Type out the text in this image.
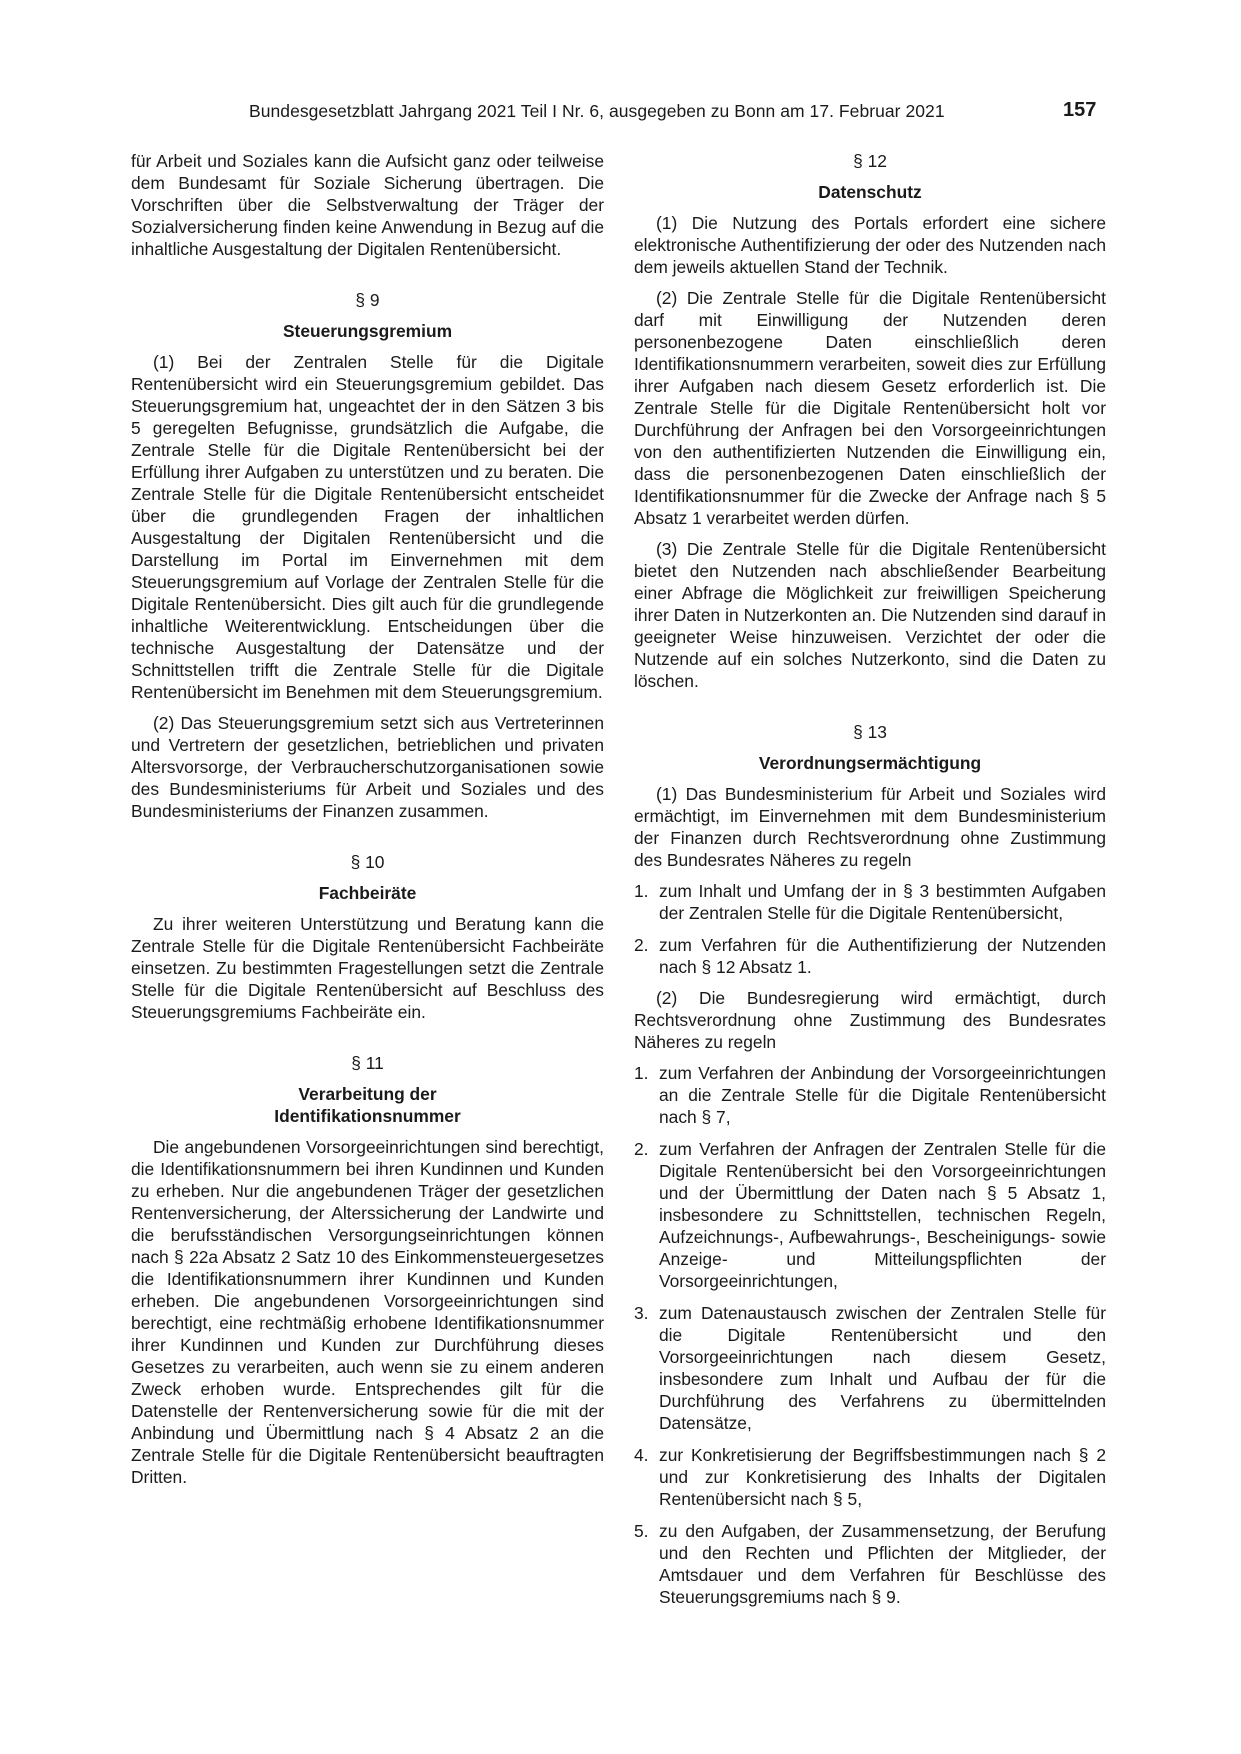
Bundesgesetzblatt Jahrgang 2021 Teil I Nr. 6, ausgegeben zu Bonn am 17. Februar 2021	157

für Arbeit und Soziales kann die Aufsicht ganz oder teilweise dem Bundesamt für Soziale Sicherung übertragen. Die Vorschriften über die Selbstverwaltung der Träger der Sozialversicherung finden keine Anwendung in Bezug auf die inhaltliche Ausgestaltung der Digitalen Rentenübersicht.

§ 9

Steuerungsgremium

(1) Bei der Zentralen Stelle für die Digitale Rentenübersicht wird ein Steuerungsgremium gebildet. Das Steuerungsgremium hat, ungeachtet der in den Sätzen 3 bis 5 geregelten Befugnisse, grundsätzlich die Aufgabe, die Zentrale Stelle für die Digitale Rentenübersicht bei der Erfüllung ihrer Aufgaben zu unterstützen und zu beraten. Die Zentrale Stelle für die Digitale Rentenübersicht entscheidet über die grundlegenden Fragen der inhaltlichen Ausgestaltung der Digitalen Rentenübersicht und die Darstellung im Portal im Einvernehmen mit dem Steuerungsgremium auf Vorlage der Zentralen Stelle für die Digitale Rentenübersicht. Dies gilt auch für die grundlegende inhaltliche Weiterentwicklung. Entscheidungen über die technische Ausgestaltung der Datensätze und der Schnittstellen trifft die Zentrale Stelle für die Digitale Rentenübersicht im Benehmen mit dem Steuerungsgremium.

(2) Das Steuerungsgremium setzt sich aus Vertreterinnen und Vertretern der gesetzlichen, betrieblichen und privaten Altersvorsorge, der Verbraucherschutzorganisationen sowie des Bundesministeriums für Arbeit und Soziales und des Bundesministeriums der Finanzen zusammen.

§ 10

Fachbeiräte

Zu ihrer weiteren Unterstützung und Beratung kann die Zentrale Stelle für die Digitale Rentenübersicht Fachbeiräte einsetzen. Zu bestimmten Fragestellungen setzt die Zentrale Stelle für die Digitale Rentenübersicht auf Beschluss des Steuerungsgremiums Fachbeiräte ein.

§ 11

Verarbeitung der

Identifikationsnummer

Die angebundenen Vorsorgeeinrichtungen sind berechtigt, die Identifikationsnummern bei ihren Kundinnen und Kunden zu erheben. Nur die angebundenen Träger der gesetzlichen Rentenversicherung, der Alterssicherung der Landwirte und die berufsständischen Versorgungseinrichtungen können nach § 22a Absatz 2 Satz 10 des Einkommensteuergesetzes die Identifikationsnummern ihrer Kundinnen und Kunden erheben. Die angebundenen Vorsorgeeinrichtungen sind berechtigt, eine rechtmäßig erhobene Identifikationsnummer ihrer Kundinnen und Kunden zur Durchführung dieses Gesetzes zu verarbeiten, auch wenn sie zu einem anderen Zweck erhoben wurde. Entsprechendes gilt für die Datenstelle der Rentenversicherung sowie für die mit der Anbindung und Übermittlung nach § 4 Absatz 2 an die Zentrale Stelle für die Digitale Rentenübersicht beauftragten Dritten.

§ 12

Datenschutz

(1) Die Nutzung des Portals erfordert eine sichere elektronische Authentifizierung der oder des Nutzenden nach dem jeweils aktuellen Stand der Technik.

(2) Die Zentrale Stelle für die Digitale Rentenübersicht darf mit Einwilligung der Nutzenden deren personenbezogene Daten einschließlich deren Identifikationsnummern verarbeiten, soweit dies zur Erfüllung ihrer Aufgaben nach diesem Gesetz erforderlich ist. Die Zentrale Stelle für die Digitale Rentenübersicht holt vor Durchführung der Anfragen bei den Vorsorgeeinrichtungen von den authentifizierten Nutzenden die Einwilligung ein, dass die personenbezogenen Daten einschließlich der Identifikationsnummer für die Zwecke der Anfrage nach § 5 Absatz 1 verarbeitet werden dürfen.

(3) Die Zentrale Stelle für die Digitale Rentenübersicht bietet den Nutzenden nach abschließender Bearbeitung einer Abfrage die Möglichkeit zur freiwilligen Speicherung ihrer Daten in Nutzerkonten an. Die Nutzenden sind darauf in geeigneter Weise hinzuweisen. Verzichtet der oder die Nutzende auf ein solches Nutzerkonto, sind die Daten zu löschen.

§ 13

Verordnungsermächtigung

(1) Das Bundesministerium für Arbeit und Soziales wird ermächtigt, im Einvernehmen mit dem Bundesministerium der Finanzen durch Rechtsverordnung ohne Zustimmung des Bundesrates Näheres zu regeln

1. zum Inhalt und Umfang der in § 3 bestimmten Aufgaben der Zentralen Stelle für die Digitale Rentenübersicht,
2. zum Verfahren für die Authentifizierung der Nutzenden nach § 12 Absatz 1.

(2) Die Bundesregierung wird ermächtigt, durch Rechtsverordnung ohne Zustimmung des Bundesrates Näheres zu regeln

1. zum Verfahren der Anbindung der Vorsorgeeinrichtungen an die Zentrale Stelle für die Digitale Rentenübersicht nach § 7,
2. zum Verfahren der Anfragen der Zentralen Stelle für die Digitale Rentenübersicht bei den Vorsorgeeinrichtungen und der Übermittlung der Daten nach § 5 Absatz 1, insbesondere zu Schnittstellen, technischen Regeln, Aufzeichnungs-, Aufbewahrungs-, Bescheinigungs- sowie Anzeige- und Mitteilungspflichten der Vorsorgeeinrichtungen,
3. zum Datenaustausch zwischen der Zentralen Stelle für die Digitale Rentenübersicht und den Vorsorgeeinrichtungen nach diesem Gesetz, insbesondere zum Inhalt und Aufbau der für die Durchführung des Verfahrens zu übermittelnden Datensätze,
4. zur Konkretisierung der Begriffsbestimmungen nach § 2 und zur Konkretisierung des Inhalts der Digitalen Rentenübersicht nach § 5,
5. zu den Aufgaben, der Zusammensetzung, der Berufung und den Rechten und Pflichten der Mitglieder, der Amtsdauer und dem Verfahren für Beschlüsse des Steuerungsgremiums nach § 9.
